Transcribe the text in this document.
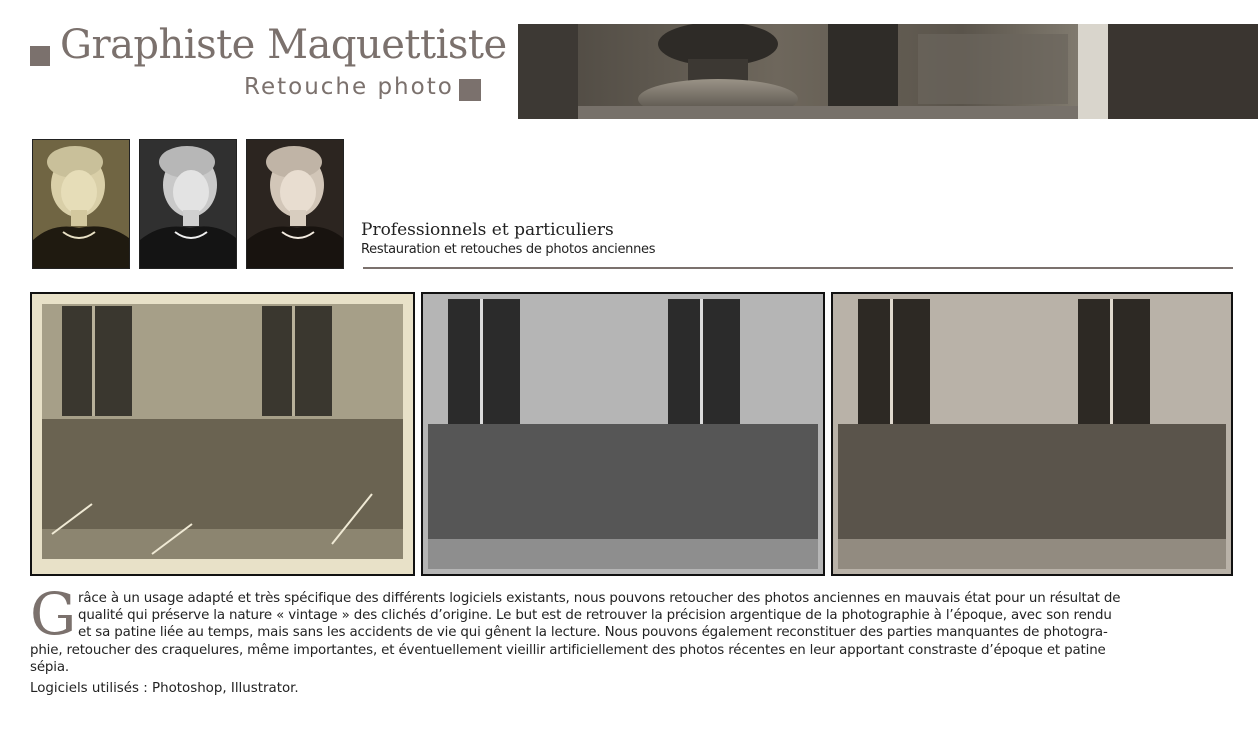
Graphiste Maquettiste
Retouche photo
Professionnels et particuliers
Restauration et retouches de photos anciennes
G râce à un usage adapté et très spécifique des différents logiciels existants, nous pouvons retoucher des photos anciennes en mauvais état pour un résultat de
qualité qui préserve la nature « vintage » des clichés d’origine. Le but est de retrouver la précision argentique de la photographie à l’époque, avec son rendu
et sa patine liée au temps, mais sans les accidents de vie qui gênent la lecture. Nous pouvons également reconstituer des parties manquantes de photogra-
phie, retoucher des craquelures, même importantes, et éventuellement vieillir artificiellement des photos récentes en leur apportant constraste d’époque et patine
sépia.
Logiciels utilisés : Photoshop, Illustrator.
